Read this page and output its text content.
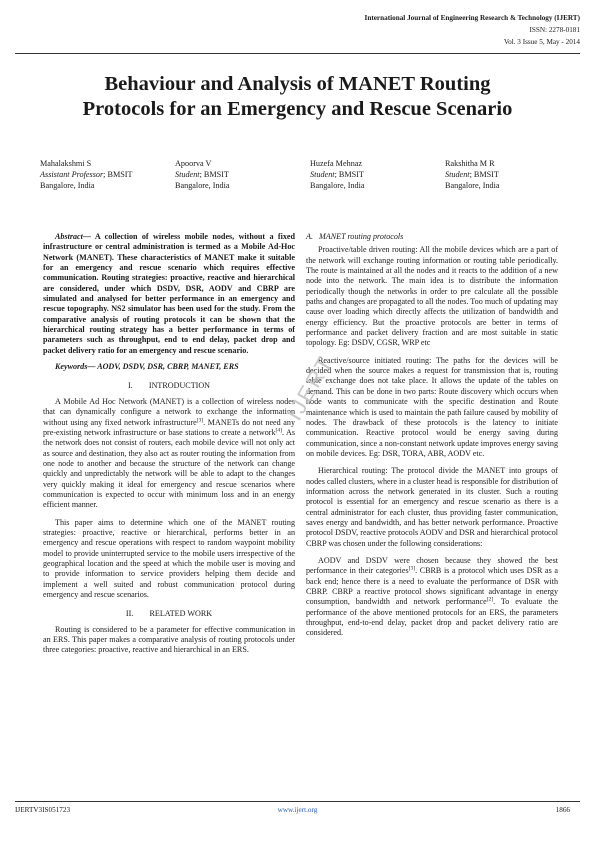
International Journal of Engineering Research & Technology (IJERT)
ISSN: 2278-0181
Vol. 3 Issue 5, May - 2014
Behaviour and Analysis of MANET Routing
Protocols for an Emergency and Rescue Scenario
Mahalakshmi S
Assistant Professor; BMSIT
Bangalore, India
Apoorva V
Student; BMSIT
Bangalore, India
Huzefa Mehnaz
Student; BMSIT
Bangalore, India
Rakshitha M R
Student; BMSIT
Bangalore, India

Abstract— A collection of wireless mobile nodes, without a fixed infrastructure or central administration is termed as a Mobile Ad-Hoc Network (MANET). These characteristics of MANET make it suitable for an emergency and rescue scenario which requires effective communication. Routing strategies: proactive, reactive and hierarchical are considered, under which DSDV, DSR, AODV and CBRP are simulated and analysed for better performance in an emergency and rescue topography. NS2 simulator has been used for the study. From the comparative analysis of routing protocols it can be shown that the hierarchical routing strategy has a better performance in terms of parameters such as throughput, end to end delay, packet drop and packet delivery ratio for an emergency and rescue scenario.

Keywords— AODV, DSDV, DSR, CBRP, MANET, ERS

I.        INTRODUCTION

A Mobile Ad Hoc Network (MANET) is a collection of wireless nodes that can dynamically configure a network to exchange the information without using any fixed network infrastructure[3]. MANETs do not need any pre-existing network infrastructure or base stations to create a network[4]. As the network does not consist of routers, each mobile device will not only act as source and destination, they also act as router routing the information from one node to another and because the structure of the network can change quickly and unpredictably the network will be able to adapt to the changes very quickly making it ideal for emergency and rescue scenarios where communication is expected to occur with minimum loss and in an energy efficient manner.

This paper aims to determine which one of the MANET routing strategies: proactive, reactive or hierarchical, performs better in an emergency and rescue operations with respect to random waypoint mobility model to provide uninterrupted service to the mobile users irrespective of the geographical location and the speed at which the mobile user is moving and to provide information to service providers helping them decide and implement a well suited and robust communication protocol during emergency and rescue scenarios.

II.        RELATED WORK

Routing is considered to be a parameter for effective communication in an ERS. This paper makes a comparative analysis of routing protocols under three categories: proactive, reactive and hierarchical in an ERS.

A.   MANET routing protocols

Proactive/table driven routing: All the mobile devices which are a part of the network will exchange routing information or routing table periodically. The route is maintained at all the nodes and it reacts to the addition of a new node into the network. The main idea is to distribute the information periodically though the networks in order to pre calculate all the possible paths and changes are propagated to all the nodes. Too much of updating may cause over loading which directly affects the utilization of bandwidth and energy efficiency. But the proactive protocols are better in terms of performance and packet delivery fraction and are most suitable in static topology. Eg: DSDV, CGSR, WRP etc

Reactive/source initiated routing: The paths for the devices will be decided when the source makes a request for transmission that is, routing table exchange does not take place. It allows the update of the tables on demand. This can be done in two parts: Route discovery which occurs when node wants to communicate with the specific destination and Route maintenance which is used to maintain the path failure caused by mobility of nodes. The drawback of these protocols is the latency to initiate communication. Reactive protocol would be energy saving during communication, since a non-constant network update improves energy saving on mobile devices. Eg: DSR, TORA, ABR, AODV etc.

Hierarchical routing: The protocol divide the MANET into groups of nodes called clusters, where in a cluster head is responsible for distribution of information across the network generated in its cluster. Such a routing protocol is essential for an emergency and rescue scenario as there is a central administrator for each cluster, thus providing faster communication, saves energy and bandwidth, and has better network performance. Proactive protocol DSDV, reactive protocols AODV and DSR and hierarchical protocol CBRP was chosen under the following considerations:

AODV and DSDV were chosen because they showed the best performance in their categories[3]. CBRB is a protocol which uses DSR as a back end; hence there is a need to evaluate the performance of DSR with CBRP. CBRP a reactive protocol shows significant advantage in energy consumption, bandwidth and network performance[2]. To evaluate the performance of the above mentioned protocols for an ERS, the parameters throughput, end-to-end delay, packet drop and packet delivery ratio are considered.

IJERT
IJERTV3IS051723	www.ijert.org	1866
